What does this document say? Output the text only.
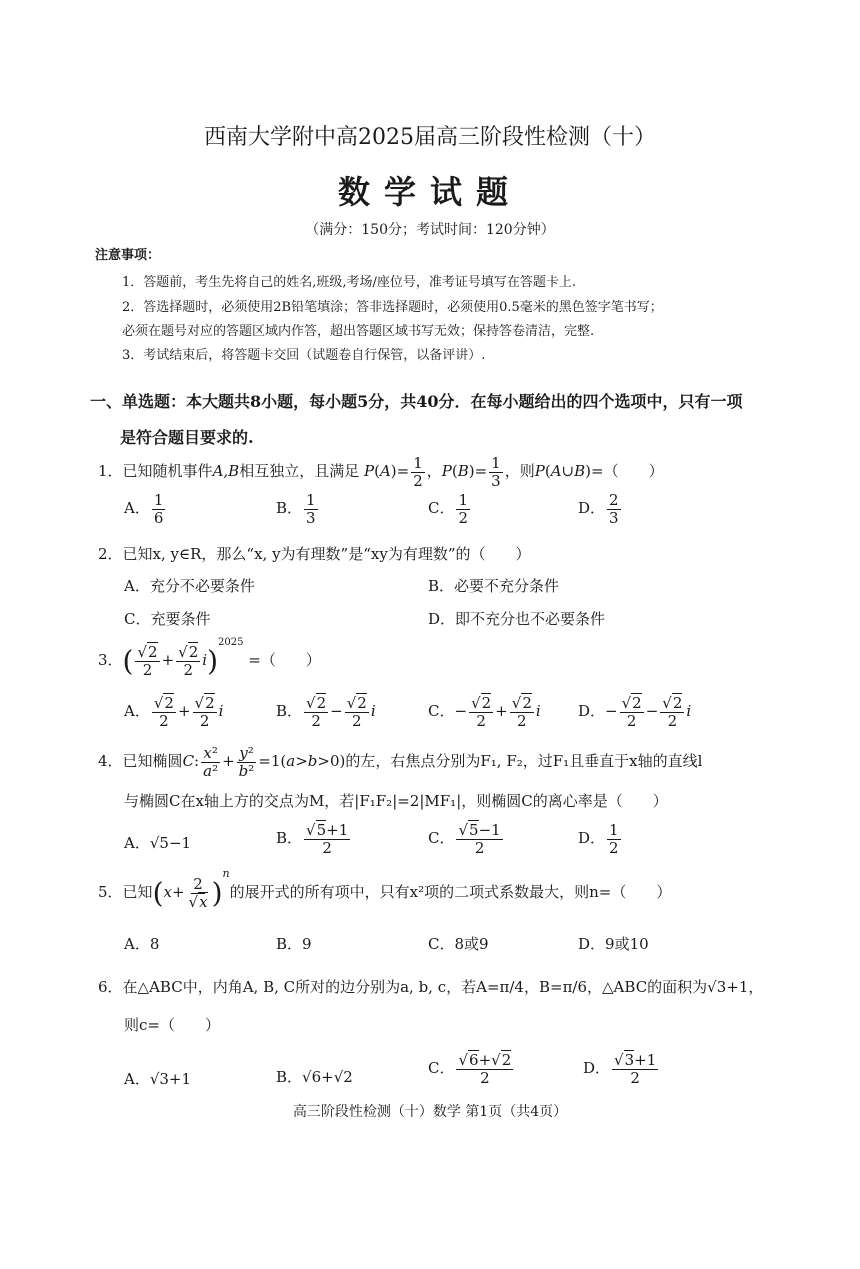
西南大学附中高2025届高三阶段性检测（十）
数学试题
（满分：150分；考试时间：120分钟）
注意事项：
1．答题前，考生先将自己的姓名,班级,考场/座位号，准考证号填写在答题卡上.
2．答选择题时，必须使用2B铅笔填涂；答非选择题时，必须使用0.5毫米的黑色签字笔书写；
必须在题号对应的答题区域内作答，超出答题区域书写无效；保持答卷清洁，完整.
3．考试结束后，将答题卡交回（试题卷自行保管，以备评讲）.
一、单选题：本大题共8小题，每小题5分，共40分．在每小题给出的四个选项中，只有一项
是符合题目要求的.
1．已知随机事件A,B相互独立，且满足 $P(A)= \frac{1}{2}$ ，$P(B)= \frac{1}{3}$ ，则P(A∪B)=（　　）
A． $\frac{1}{6}$	B． $\frac{1}{3}$	C． $\frac{1}{2}$	D． $\frac{2}{3}$
2．已知x, y∈R，那么“x, y为有理数”是“xy为有理数”的（　　）
A．充分不必要条件	B．必要不充分条件
C．充要条件	D．即不充分也不必要条件
3．( $\frac{√2}{2} + \frac{√2}{2} i)^{2025}$ =（　　）
A． $\frac{√2}{2} + \frac{√2}{2}$ i	B． $\frac{√2}{2} - \frac{√2}{2}$ i	C．− $\frac{√2}{2} + \frac{√2}{2}$ i D．− $\frac{√2}{2} - \frac{√2}{2}$ i
4．已知椭圆C: $\frac{\text{x²}}{\text{a²}} + \frac{\text{y²}}{\text{b²}} =1(a>b>0)$的左，右焦点分别为F₁, F₂，过F₁且垂直于x轴的直线l
与椭圆C在x轴上方的交点为M，若|F₁F₂|=2|MF₁|，则椭圆C的离心率是（　　）
A．√5−1	B． $\frac{√5+1}{2}$	C． $\frac{√5-1}{2}$	D． $\frac{1}{2}$
5．已知$(x+ \frac{2}{√x} )^n$的展开式的所有项中，只有x²项的二项式系数最大，则n=（　　）
A．8	B．9	C．8或9	D．9或10
6．在△ABC中，内角A, B, C所对的边分别为a, b, c，若A=π/4，B=π/6，△ABC的面积为√3+1，
则c=（　　）
A．√3+1	B．√6+√2	C． $\frac{√6+√2}{2}$	D． $\frac{√3+1}{2}$
高三阶段性检测（十）数学 第1页（共4页）
